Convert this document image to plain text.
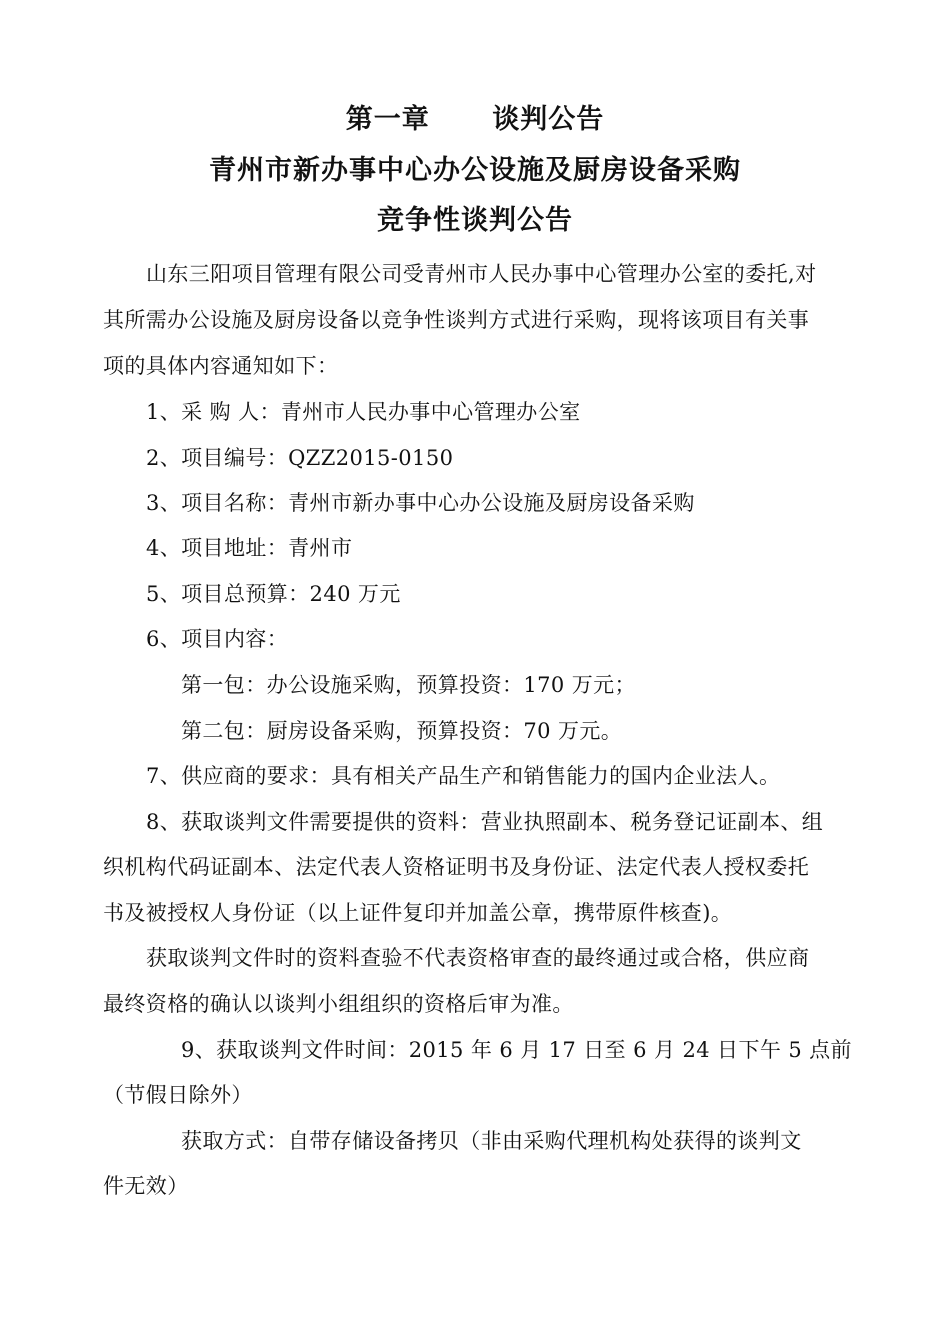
第一章      谈判公告
青州市新办事中心办公设施及厨房设备采购
竞争性谈判公告
山东三阳项目管理有限公司受青州市人民办事中心管理办公室的委托,对
其所需办公设施及厨房设备以竞争性谈判方式进行采购，现将该项目有关事
项的具体内容通知如下：
1、采 购 人：青州市人民办事中心管理办公室
2、项目编号：QZZ2015-0150
3、项目名称：青州市新办事中心办公设施及厨房设备采购
4、项目地址：青州市
5、项目总预算：240 万元
6、项目内容：
第一包：办公设施采购，预算投资：170 万元；
第二包：厨房设备采购，预算投资：70 万元。
7、供应商的要求：具有相关产品生产和销售能力的国内企业法人。
8、获取谈判文件需要提供的资料：营业执照副本、税务登记证副本、组
织机构代码证副本、法定代表人资格证明书及身份证、法定代表人授权委托
书及被授权人身份证（以上证件复印并加盖公章，携带原件核查)。
获取谈判文件时的资料查验不代表资格审查的最终通过或合格，供应商
最终资格的确认以谈判小组组织的资格后审为准。
9、获取谈判文件时间：2015 年 6 月 17 日至 6 月 24 日下午 5 点前
（节假日除外）
获取方式：自带存储设备拷贝（非由采购代理机构处获得的谈判文
件无效）
